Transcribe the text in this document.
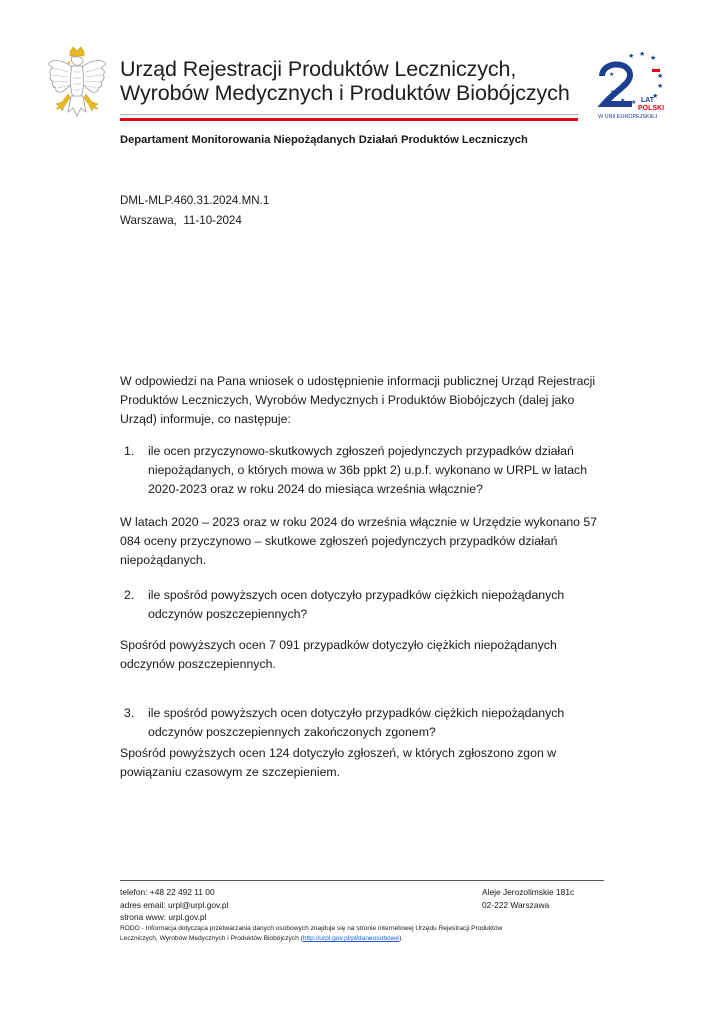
Urząd Rejestracji Produktów Leczniczych,
Wyrobów Medycznych i Produktów Biobójczych
★ ★ ★
★
★
★
★
★
★
★ ★ LAT
POLSKI
W UNII EUROPEJSKIEJ
Departament Monitorowania Niepożądanych Działań Produktów Leczniczych
DML-MLP.460.31.2024.MN.1
Warszawa,  11-10-2024
W odpowiedzi na Pana wniosek o udostępnienie informacji publicznej Urząd Rejestracji Produktów Leczniczych, Wyrobów Medycznych i Produktów Biobójczych (dalej jako Urząd) informuje, co następuje:
1. ile ocen przyczynowo-skutkowych zgłoszeń pojedynczych przypadków działań niepożądanych, o których mowa w 36b ppkt 2) u.p.f. wykonano w URPL w latach 2020-2023 oraz w roku 2024 do miesiąca września włącznie?
W latach 2020 – 2023 oraz w roku 2024 do września włącznie w Urzędzie wykonano 57 084 oceny przyczynowo – skutkowe zgłoszeń pojedynczych przypadków działań niepożądanych.
2. ile spośród powyższych ocen dotyczyło przypadków ciężkich niepożądanych odczynów poszczepiennych?
Spośród powyższych ocen 7 091 przypadków dotyczyło ciężkich niepożądanych odczynów poszczepiennych.
3. ile spośród powyższych ocen dotyczyło przypadków ciężkich niepożądanych odczynów poszczepiennych zakończonych zgonem?
Spośród powyższych ocen 124 dotyczyło zgłoszeń, w których zgłoszono zgon w powiązaniu czasowym ze szczepieniem.
telefon: +48 22 492 11 00
adres email: urpl@urpl.gov.pl
strona www: urpl.gov.pl
Aleje Jerozolimskie 181c
02-222 Warszawa
RODO - Informacja dotycząca przetwarzania danych osobowych znajduje się na stronie internetowej Urzędu Rejestracji Produktów
Leczniczych, Wyrobów Medycznych i Produktów Biobójczych (http://urpl.gov.pl/pl/daneosobowe).
